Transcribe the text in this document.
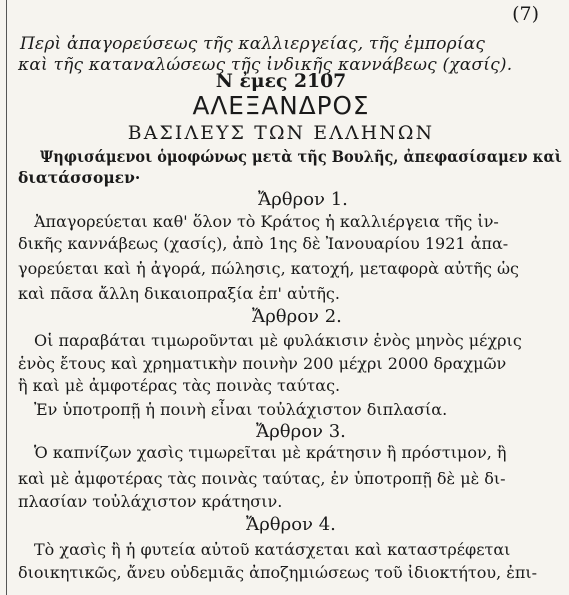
(7)
Περὶ ἀπαγορεύσεως τῆς καλλιεργείας, τῆς ἐμπορίας
καὶ τῆς καταναλώσεως τῆς ἰνδικῆς καννάβεως (χασίς).
Ν ἐμες 2107
ΑΛΕΞΑΝΔΡΟΣ
ΒΑΣΙΛΕΥΣ ΤΩΝ ΕΛΛΗΝΩΝ
Ψηφισάμενοι ὁμοφώνως μετὰ τῆς Βουλῆς, ἀπεφασίσαμεν καὶ
διατάσσομεν·
Ἄρθρον 1.
Ἀπαγορεύεται καθ' ὅλον τὸ Κράτος ἡ καλλιέργεια τῆς ἰν-
δικῆς καννάβεως (χασίς), ἀπὸ 1ης δὲ Ἰανουαρίου 1921 ἀπα-
γορεύεται καὶ ἡ ἀγορά, πώλησις, κατοχή, μεταφορὰ αὐτῆς ὡς
καὶ πᾶσα ἄλλη δικαιοπραξία ἐπ' αὐτῆς.
Ἄρθρον 2.
Οἱ παραβάται τιμωροῦνται μὲ φυλάκισιν ἑνὸς μηνὸς μέχρις
ἑνὸς ἔτους καὶ χρηματικὴν ποινὴν 200 μέχρι 2000 δραχμῶν
ἢ καὶ μὲ ἀμφοτέρας τὰς ποινὰς ταύτας.
Ἐν ὑποτροπῇ ἡ ποινὴ εἶναι τοὐλάχιστον διπλασία.
Ἄρθρον 3.
Ὁ καπνίζων χασὶς τιμωρεῖται μὲ κράτησιν ἢ πρόστιμον, ἢ
καὶ μὲ ἀμφοτέρας τὰς ποινὰς ταύτας, ἐν ὑποτροπῇ δὲ μὲ δι-
πλασίαν τοὐλάχιστον κράτησιν.
Ἄρθρον 4.
Τὸ χασὶς ἢ ἡ φυτεία αὐτοῦ κατάσχεται καὶ καταστρέφεται
διοικητικῶς, ἄνευ οὐδεμιᾶς ἀποζημιώσεως τοῦ ἰδιοκτήτου, ἐπι-
